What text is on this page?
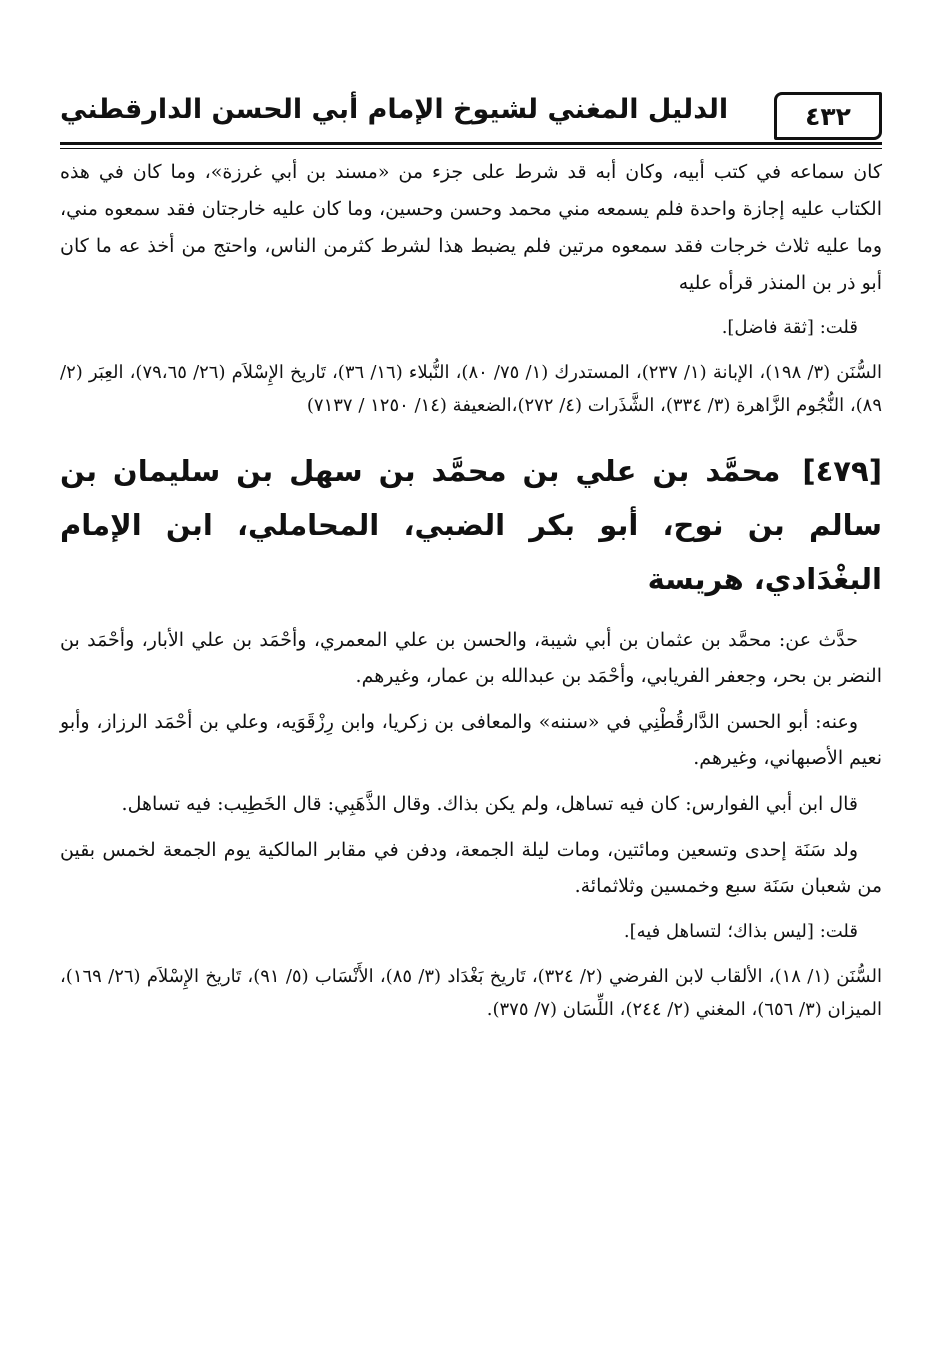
٤٣٢
الدليل المغني لشيوخ الإمام أبي الحسن الدارقطني

كان سماعه في كتب أبيه، وكان أبه قد شرط على جزء من «مسند بن أبي غرزة»، وما كان في هذه الكتاب عليه إجازة واحدة فلم يسمعه مني محمد وحسن وحسين، وما كان عليه خارجتان فقد سمعوه مني، وما عليه ثلاث خرجات فقد سمعوه مرتين فلم يضبط هذا لشرط كثرمن الناس، واحتج من أخذ عه ما كان أبو ذر بن المنذر قرأه عليه

قلت: [ثقة فاضل].

السُّنَن (٣/ ١٩٨)، الإبانة (١/ ٢٣٧)، المستدرك (١/ ٧٥/ ٨٠)، النُّبلاء (١٦/ ٣٦)، تَاريخ الإِسْلاَم (٢٦/ ٧٩،٦٥)، العِبَر (٢/ ٨٩)، النُّجُوم الزَّاهرة (٣/ ٣٣٤)، الشَّذَرات (٤/ ٢٧٢)،الضعيفة (١٤/ ١٢٥٠ / ٧١٣٧)

[٤٧٩] محمَّد بن علي بن محمَّد بن سهل بن سليمان بن سالم بن نوح، أبو بكر الضبي، المحاملي، ابن الإمام البغْدَادي، هريسة

حدَّث عن: محمَّد بن عثمان بن أبي شيبة، والحسن بن علي المعمري، وأحْمَد بن علي الأبار، وأحْمَد بن النضر بن بحر، وجعفر الفريابي، وأحْمَد بن عبدالله بن عمار، وغيرهم.

وعنه: أبو الحسن الدَّارقُطْنِي في «سننه» والمعافى بن زكريا، وابن رِزْقَوَيه، وعلي بن أحْمَد الرزاز، وأبو نعيم الأصبهاني، وغيرهم.

قال ابن أبي الفوارس: كان فيه تساهل، ولم يكن بذاك. وقال الذَّهَبِي: قال الخَطِيب: فيه تساهل.

ولد سَنَة إحدى وتسعين ومائتين، ومات ليلة الجمعة، ودفن في مقابر المالكية يوم الجمعة لخمس بقين من شعبان سَنَة سبع وخمسين وثلاثمائة.

قلت: [ليس بذاك؛ لتساهل فيه].

السُّنَن (١/ ١٨)، الألقاب لابن الفرضي (٢/ ٣٢٤)، تَاريخ بَغْدَاد (٣/ ٨٥)، الأَنْسَاب (٥/ ٩١)، تَاريخ الإِسْلاَم (٢٦/ ١٦٩)، الميزان (٣/ ٦٥٦)، المغني (٢/ ٢٤٤)، اللِّسَان (٧/ ٣٧٥).
